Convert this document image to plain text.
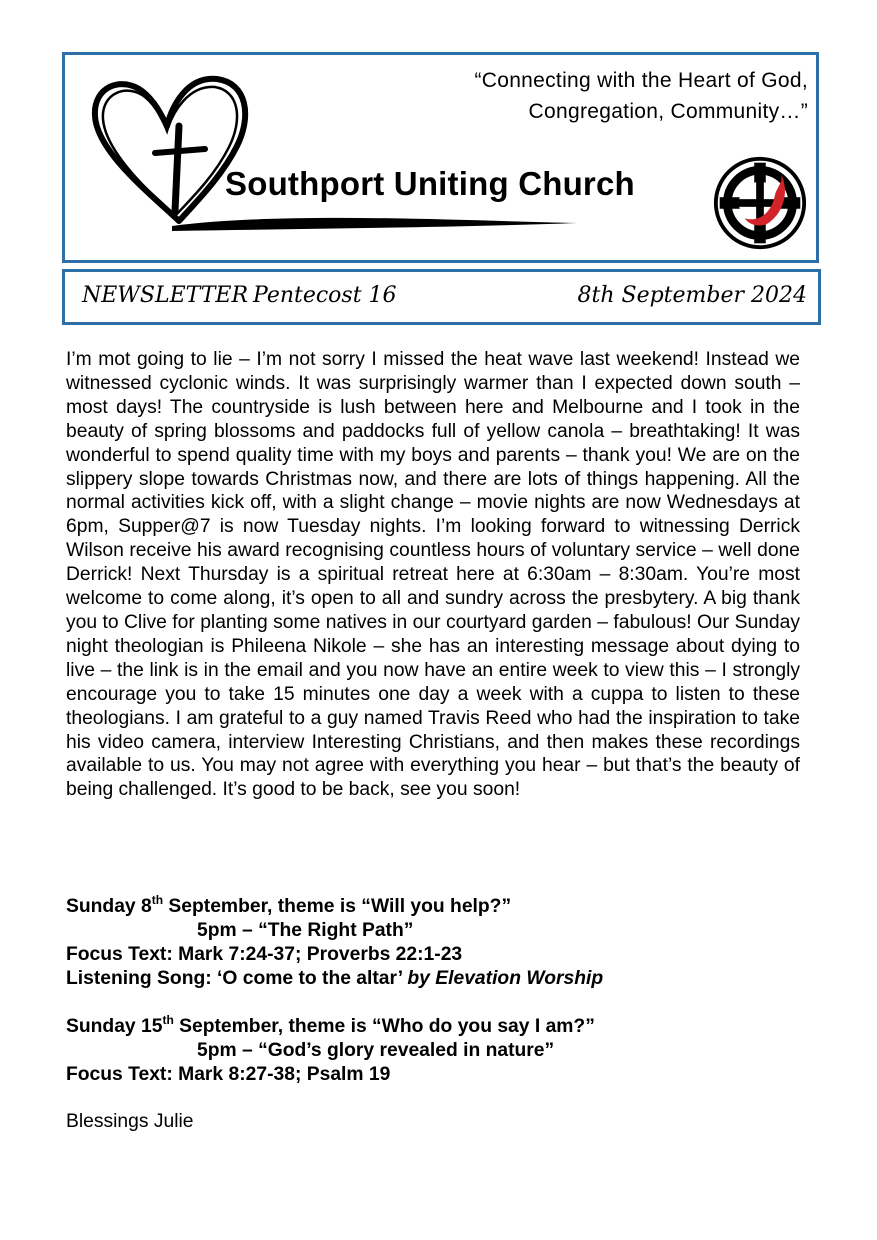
“Connecting with the Heart of God,
Congregation, Community…”
Southport Uniting Church
NEWSLETTER Pentecost 16	8th September 2024

I’m mot going to lie – I’m not sorry I missed the heat wave last weekend! Instead we witnessed cyclonic winds. It was surprisingly warmer than I expected down south – most days! The countryside is lush between here and Melbourne and I took in the beauty of spring blossoms and paddocks full of yellow canola – breathtaking! It was wonderful to spend quality time with my boys and parents – thank you! We are on the slippery slope towards Christmas now, and there are lots of things happening. All the normal activities kick off, with a slight change – movie nights are now Wednesdays at 6pm, Supper@7 is now Tuesday nights. I’m looking forward to witnessing Derrick Wilson receive his award recognising countless hours of voluntary service – well done Derrick! Next Thursday is a spiritual retreat here at 6:30am – 8:30am. You’re most welcome to come along, it’s open to all and sundry across the presbytery. A big thank you to Clive for planting some natives in our courtyard garden – fabulous! Our Sunday night theologian is Phileena Nikole – she has an interesting message about dying to live – the link is in the email and you now have an entire week to view this – I strongly encourage you to take 15 minutes one day a week with a cuppa to listen to these theologians. I am grateful to a guy named Travis Reed who had the inspiration to take his video camera, interview Interesting Christians, and then makes these recordings available to us. You may not agree with everything you hear – but that’s the beauty of being challenged. It’s good to be back, see you soon!

Sunday 8th September, theme is “Will you help?”
5pm – “The Right Path”
Focus Text: Mark 7:24-37; Proverbs 22:1-23
Listening Song: ‘O come to the altar’ by Elevation Worship
Sunday 15th September, theme is “Who do you say I am?”
5pm – “God’s glory revealed in nature”
Focus Text: Mark 8:27-38; Psalm 19
Blessings Julie
